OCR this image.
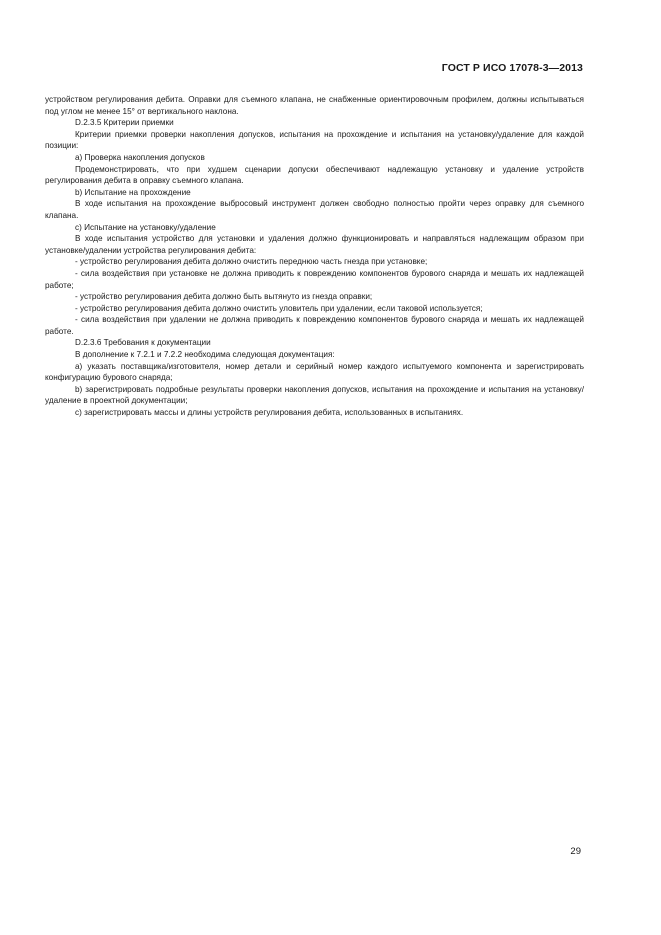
ГОСТ Р ИСО 17078-3—2013

устройством регулирования дебита. Оправки для съемного клапана, не снабженные ориентировочным профилем, должны испытываться под углом не менее 15° от вертикального наклона.

D.2.3.5 Критерии приемки

Критерии приемки проверки накопления допусков, испытания на прохождение и испытания на установку/удаление для каждой позиции:

a) Проверка накопления допусков

Продемонстрировать, что при худшем сценарии допуски обеспечивают надлежащую установку и удаление устройств регулирования дебита в оправку съемного клапана.

b) Испытание на прохождение

В ходе испытания на прохождение выбросовый инструмент должен свободно полностью пройти через оправку для съемного клапана.

c) Испытание на установку/удаление

В ходе испытания устройство для установки и удаления должно функционировать и направляться надлежащим образом при установке/удалении устройства регулирования дебита:

- устройство регулирования дебита должно очистить переднюю часть гнезда при установке;

- сила воздействия при установке не должна приводить к повреждению компонентов бурового снаряда и мешать их надлежащей работе;

- устройство регулирования дебита должно быть вытянуто из гнезда оправки;

- устройство регулирования дебита должно очистить уловитель при удалении, если таковой используется;

- сила воздействия при удалении не должна приводить к повреждению компонентов бурового снаряда и мешать их надлежащей работе.

D.2.3.6 Требования к документации

В дополнение к 7.2.1 и 7.2.2 необходима следующая документация:

a) указать поставщика/изготовителя, номер детали и серийный номер каждого испытуемого компонента и зарегистрировать конфигурацию бурового снаряда;

b) зарегистрировать подробные результаты проверки накопления допусков, испытания на прохождение и испытания на установку/удаление в проектной документации;

c) зарегистрировать массы и длины устройств регулирования дебита, использованных в испытаниях.

29
